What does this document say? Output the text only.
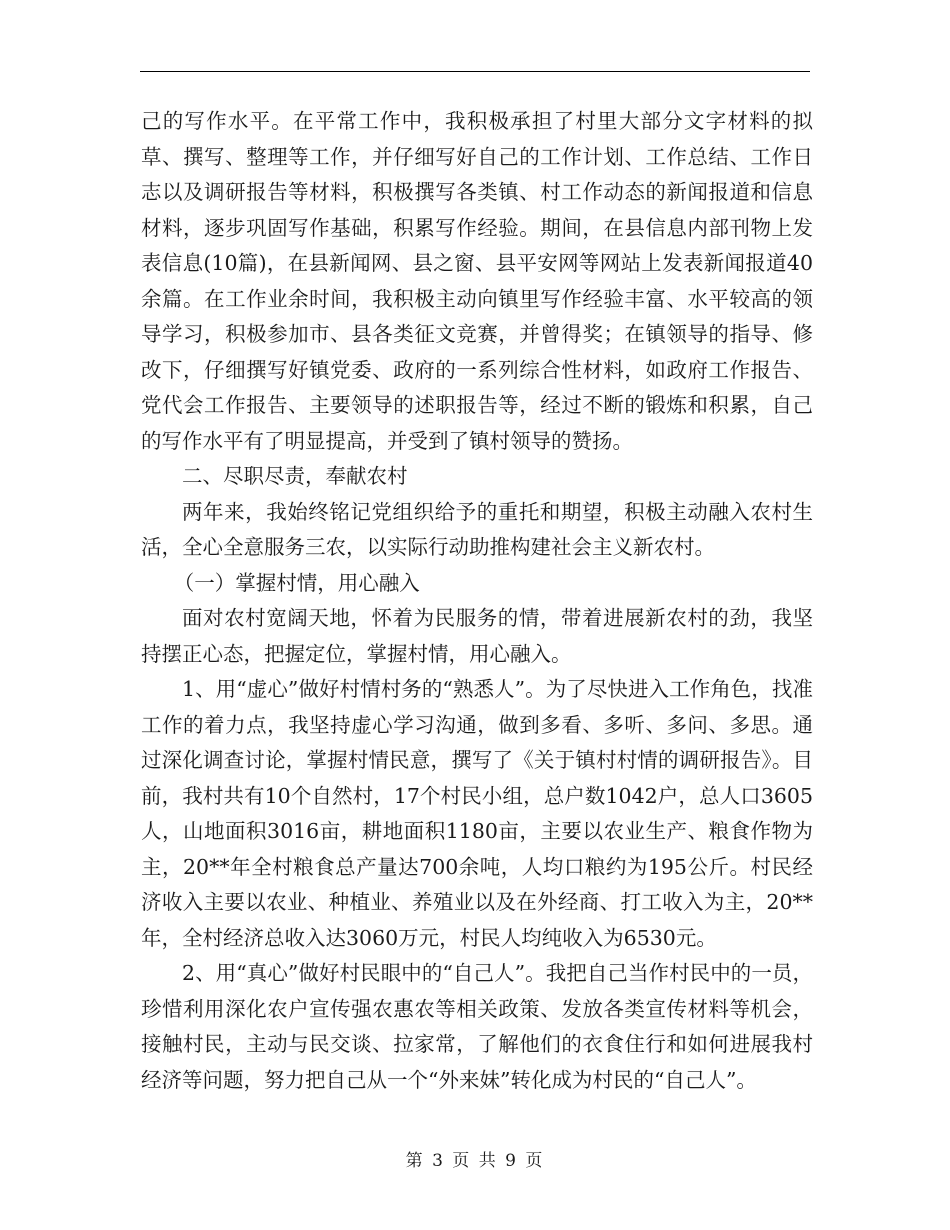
己的写作水平。在平常工作中，我积极承担了村里大部分文字材料的拟草、撰写、整理等工作，并仔细写好自己的工作计划、工作总结、工作日志以及调研报告等材料，积极撰写各类镇、村工作动态的新闻报道和信息材料，逐步巩固写作基础，积累写作经验。期间，在县信息内部刊物上发表信息(10篇)，在县新闻网、县之窗、县平安网等网站上发表新闻报道40余篇。在工作业余时间，我积极主动向镇里写作经验丰富、水平较高的领导学习，积极参加市、县各类征文竞赛，并曾得奖；在镇领导的指导、修改下，仔细撰写好镇党委、政府的一系列综合性材料，如政府工作报告、党代会工作报告、主要领导的述职报告等，经过不断的锻炼和积累，自己的写作水平有了明显提高，并受到了镇村领导的赞扬。

二、尽职尽责，奉献农村

两年来，我始终铭记党组织给予的重托和期望，积极主动融入农村生活，全心全意服务三农，以实际行动助推构建社会主义新农村。

（一）掌握村情，用心融入

面对农村宽阔天地，怀着为民服务的情，带着进展新农村的劲，我坚持摆正心态，把握定位，掌握村情，用心融入。

1、用“虚心”做好村情村务的“熟悉人”。为了尽快进入工作角色，找准工作的着力点，我坚持虚心学习沟通，做到多看、多听、多问、多思。通过深化调查讨论，掌握村情民意，撰写了《关于镇村村情的调研报告》。目前，我村共有10个自然村，17个村民小组，总户数1042户，总人口3605人，山地面积3016亩，耕地面积1180亩，主要以农业生产、粮食作物为主，20**年全村粮食总产量达700余吨，人均口粮约为195公斤。村民经济收入主要以农业、种植业、养殖业以及在外经商、打工收入为主，20**年，全村经济总收入达3060万元，村民人均纯收入为6530元。

2、用“真心”做好村民眼中的“自己人”。我把自己当作村民中的一员，珍惜利用深化农户宣传强农惠农等相关政策、发放各类宣传材料等机会，接触村民，主动与民交谈、拉家常，了解他们的衣食住行和如何进展我村经济等问题，努力把自己从一个“外来妹”转化成为村民的“自己人”。

第 3 页 共 9 页
